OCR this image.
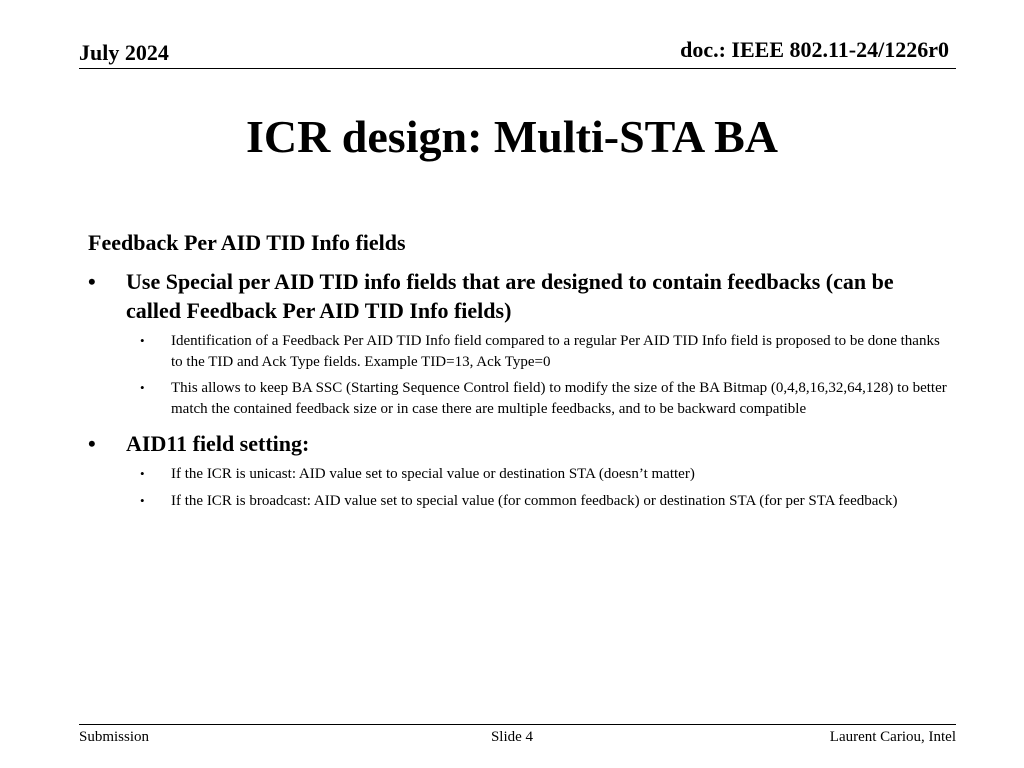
July 2024	doc.: IEEE 802.11-24/1226r0
ICR design: Multi-STA BA
Feedback Per AID TID Info fields
• Use Special per AID TID info fields that are designed to contain feedbacks (can be called Feedback Per AID TID Info fields)
• Identification of a Feedback Per AID TID Info field compared to a regular Per AID TID Info field is proposed to be done thanks to the TID and Ack Type fields. Example TID=13, Ack Type=0
• This allows to keep BA SSC (Starting Sequence Control field) to modify the size of the BA Bitmap (0,4,8,16,32,64,128) to better match the contained feedback size or in case there are multiple feedbacks, and to be backward compatible
• AID11 field setting:
• If the ICR is unicast: AID value set to special value or destination STA (doesn’t matter)
• If the ICR is broadcast: AID value set to special value (for common feedback) or destination STA (for per STA feedback)
Submission	Slide 4	Laurent Cariou, Intel
